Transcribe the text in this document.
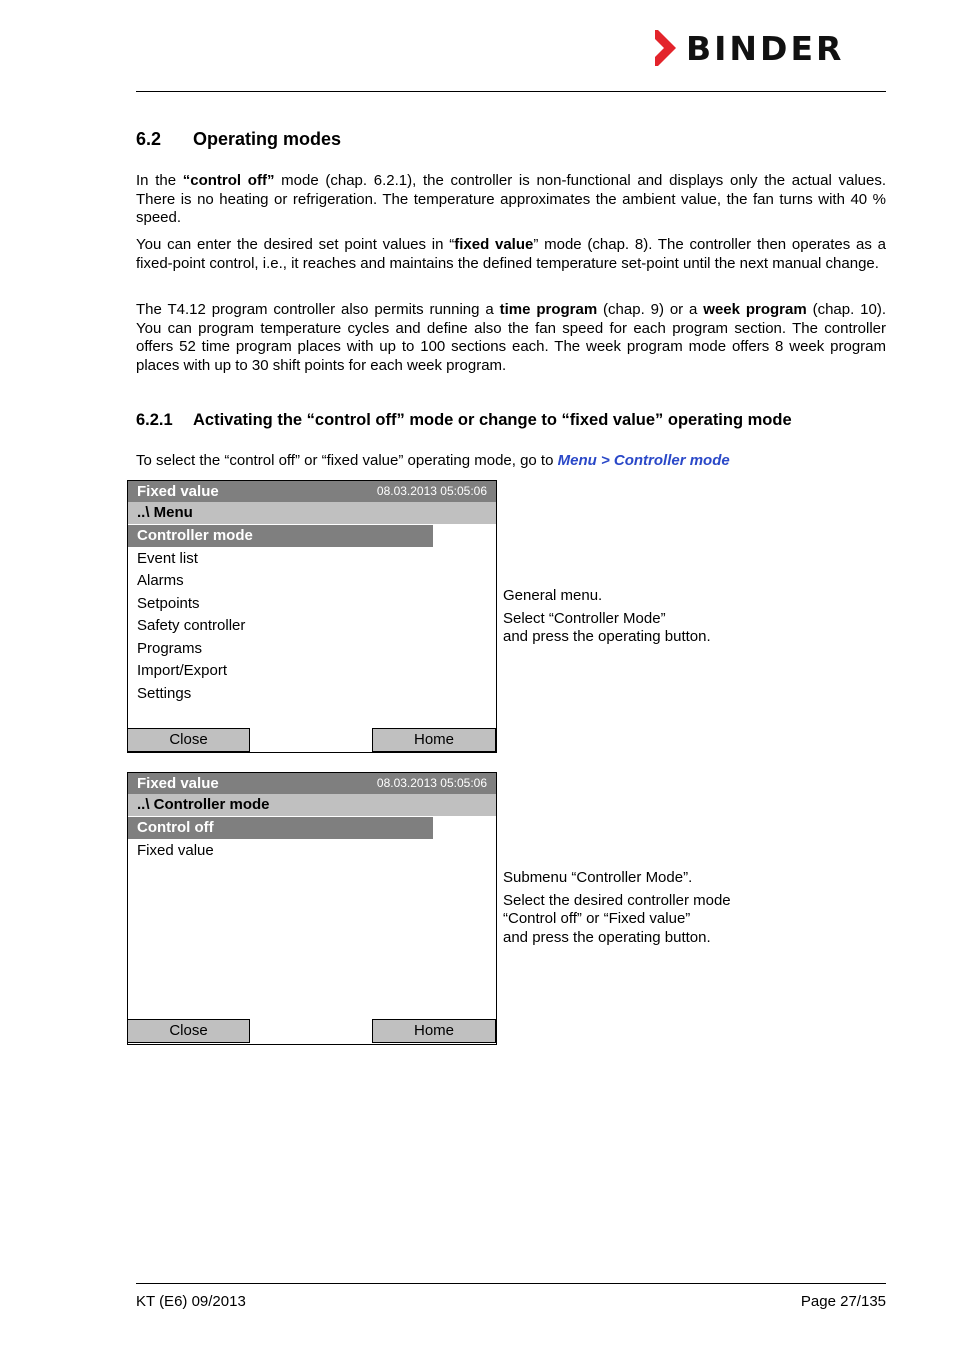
BINDER
6.2 Operating modes
In the “control off” mode (chap. 6.2.1), the controller is non-functional and displays only the actual values. There is no heating or refrigeration. The temperature approximates the ambient value, the fan turns with 40 % speed.
You can enter the desired set point values in “fixed value” mode (chap. 8). The controller then operates as a fixed-point control, i.e., it reaches and maintains the defined temperature set-point until the next manual change.
The T4.12 program controller also permits running a time program (chap. 9) or a week program (chap. 10). You can program temperature cycles and define also the fan speed for each program section. The controller offers 52 time program places with up to 100 sections each. The week program mode offers 8 week program places with up to 30 shift points for each week program.
6.2.1 Activating the “control off” mode or change to “fixed value” operating mode
To select the “control off” or “fixed value” operating mode, go to Menu > Controller mode
Fixed value	08.03.2013 05:05:06
..\ Menu
Controller mode
Event list
Alarms
Setpoints
Safety controller
Programs
Import/Export
Settings
Close	Home
General menu.
Select “Controller Mode”
and press the operating button.
Fixed value	08.03.2013 05:05:06
..\ Controller mode
Control off
Fixed value
Close	Home
Submenu “Controller Mode”.
Select the desired controller mode
“Control off” or “Fixed value”
and press the operating button.
KT (E6) 09/2013	Page 27/135
